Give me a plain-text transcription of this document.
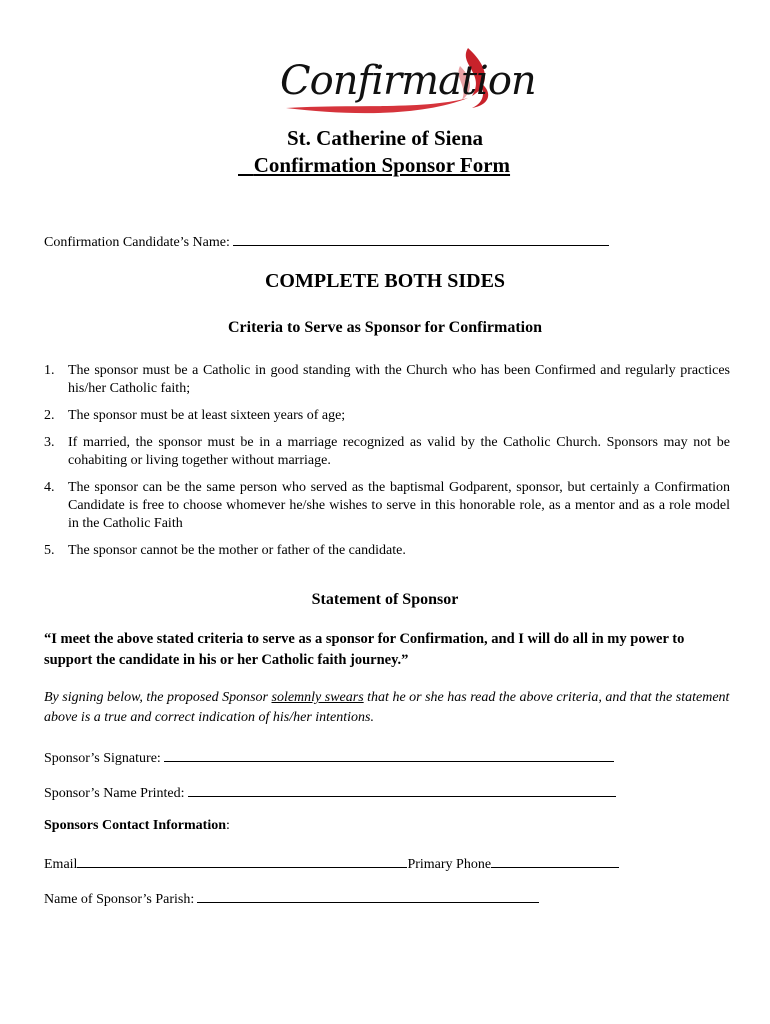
Confirmation
St. Catherine of Siena
Confirmation Sponsor Form
Confirmation Candidate’s Name:
COMPLETE BOTH SIDES
Criteria to Serve as Sponsor for Confirmation
1. The sponsor must be a Catholic in good standing with the Church who has been Confirmed and regularly practices his/her Catholic faith;
2. The sponsor must be at least sixteen years of age;
3. If married, the sponsor must be in a marriage recognized as valid by the Catholic Church. Sponsors may not be cohabiting or living together without marriage.
4. The sponsor can be the same person who served as the baptismal Godparent, sponsor, but certainly a Confirmation Candidate is free to choose whomever he/she wishes to serve in this honorable role, as a mentor and as a role model in the Catholic Faith
5. The sponsor cannot be the mother or father of the candidate.
Statement of Sponsor
“I meet the above stated criteria to serve as a sponsor for Confirmation, and I will do all in my power to support the candidate in his or her Catholic faith journey.”
By signing below, the proposed Sponsor solemnly swears that he or she has read the above criteria, and that the statement above is a true and correct indication of his/her intentions.
Sponsor’s Signature:
Sponsor’s Name Printed:
Sponsors Contact Information:
Email	Primary Phone
Name of Sponsor’s Parish:
